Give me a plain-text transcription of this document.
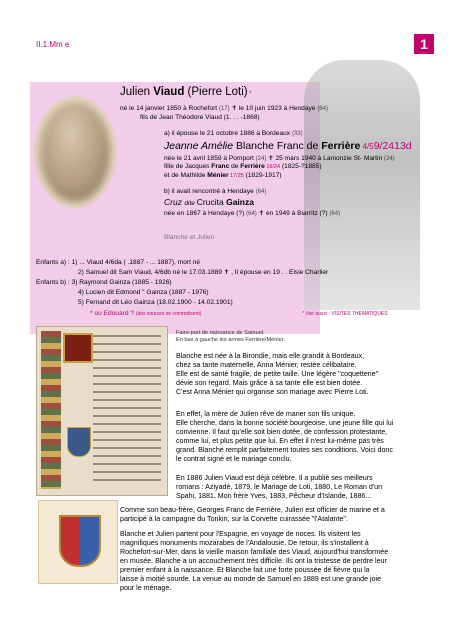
II.1.Mm e	1
Julien Viaud (Pierre Loti) *
né le 14 janvier 1850 à Rochefort (17) ✝ le 10 juin 1923 à Hendaye (64)
fils de Jean Théodore Viaud (1. . . -1868)
a) il épouse le 21 octobre 1886 à Bordeaux (33)
Jeanne Amélie Blanche Franc de Ferrière 4/59/2413d
née le 21 avril 1859 à Pomport (24) ✝ 25 mars 1940 à Lamonzie St- Martin (24)
fille de Jacques Franc de Ferrière 16/24 (1825-?1885)
et de Mathilde Ménier 17/25 (1829-1917)
b) il avait rencontré à Hendaye (64)
Cruz dite Crucita Gainza
née en 1867 à Hendaye (?) (64) ✝ en 1949 à Biarritz (?) (64)
Blanche et Julien
Enfants a) : 1) ... Viaud 4/6da ( .1887 - ... 1887), mort né
2) Samuel dit Sam Viaud, 4/6db né le 17.03.1889 ✝ , Il épouse en 19 . . Elsie Charlier
Enfants b) : 3) Raymond Gainza (1885 - 1926)
4) Lucien dit Edmond " Gainza (1887 - 1976)
5) Fernand dit Léo Gainza (18.02.1900 - 14.02.1901)
* ou Edouard ? (des sources se contredisent)	* Voir aussi : VISITES THEMATIQUES
Faire-part de naissance de Samuel.
En bas à gauche les armes Ferrière/Ménier.
Blanche est née à la Birondie, mais elle grandit à Bordeaux,
chez sa tante maternelle, Anna Ménier, restée célibataire.
Elle est de santé fragile, de petite taille. Une légère "coquetterie"
dévie son regard. Mais grâce à sa tante elle est bien dotée.
C'est Anna Ménier qui organise son mariage avec Pierre Loti.
En effet, la mère de Julien rêve de marier son fils unique.
Elle cherche, dans la bonne société bourgeoise, une jeune fille qui lui
convienne. Il faut qu'elle soit bien dotée, de confession protestante,
comme lui, et plus petite que lui. En effet il n'est lui-même pas très
grand. Blanche remplit parfaitement toutes ses conditions. Voici donc
le contrat signé et le mariage conclu.
En 1886 Julien Viaud est déjà célèbre. Il a publié ses meilleurs
romans : Aziyadé, 1879, le Mariage de Loti, 1880, Le Roman d'un
Spahi, 1881, Mon frère Yves, 1883, Pêcheur d'Islande, 1886...
Comme son beau-frère, Georges Franc de Ferrière, Julien est officier de marine et a
participé à la campagne du Tonkin, sur la Corvette cuirassée "l'Atalante".
Blanche et Julien partent pour l'Espagne, en voyage de noces. Ils visitent les
magnifiques monuments mozarabes de l'Andalousie. De retour, ils s'installent à
Rochefort-sur-Mer, dans la vieille maison familiale des Viaud, aujourd'hui transformée
en musée. Blanche a un accouchement très difficile. Ils ont la tristesse de perdre leur
premier enfant à la naissance. Et Blanche fait une forte poussée de fièvre qui la
laisse à moitié sourde. La venue au monde de Samuel en 1889 est une grande joie
pour le ménage.
